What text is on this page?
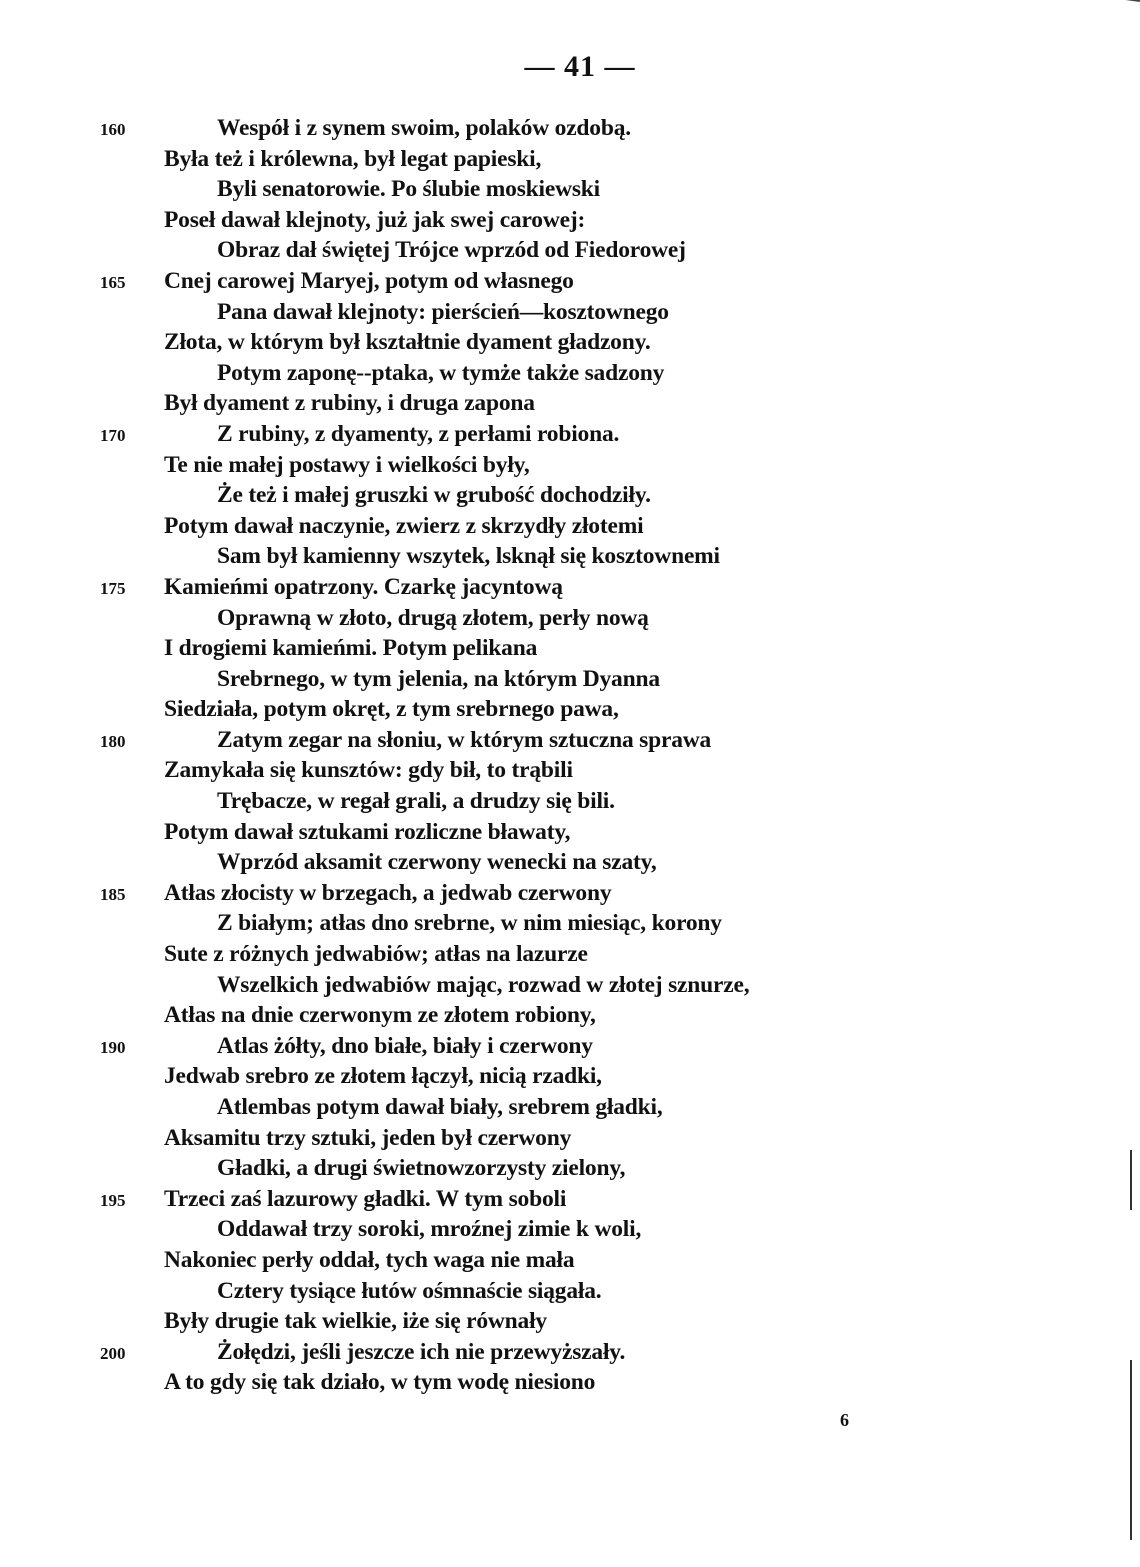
— 41 —
160	Wespół i z synem swoim, polaków ozdobą.
Była też i królewna, był legat papieski,
Byli senatorowie. Po ślubie moskiewski
Poseł dawał klejnoty, już jak swej carowej:
Obraz dał świętej Trójce wprzód od Fiedorowej
165 Cnej carowej Maryej, potym od własnego
Pana dawał klejnoty: pierścień—kosztownego
Złota, w którym był kształtnie dyament gładzony.
Potym zaponę--ptaka, w tymże także sadzony
Był dyament z rubiny, i druga zapona
170	Z rubiny, z dyamenty, z perłami robiona.
Te nie małej postawy i wielkości były,
Że też i małej gruszki w grubość dochodziły.
Potym dawał naczynie, zwierz z skrzydły złotemi
Sam był kamienny wszytek, lsknął się kosztownemi
175 Kamieńmi opatrzony. Czarkę jacyntową
Oprawną w złoto, drugą złotem, perły nową
I drogiemi kamieńmi. Potym pelikana
Srebrnego, w tym jelenia, na którym Dyanna
Siedziała, potym okręt, z tym srebrnego pawa,
180	Zatym zegar na słoniu, w którym sztuczna sprawa
Zamykała się kunsztów: gdy bił, to trąbili
Trębacze, w regał grali, a drudzy się bili.
Potym dawał sztukami rozliczne bławaty,
Wprzód aksamit czerwony wenecki na szaty,
185 Atłas złocisty w brzegach, a jedwab czerwony
Z białym; atłas dno srebrne, w nim miesiąc, korony
Sute z różnych jedwabiów; atłas na lazurze
Wszelkich jedwabiów mając, rozwad w złotej sznurze,
Atłas na dnie czerwonym ze złotem robiony,
190	Atlas żółty, dno białe, biały i czerwony
Jedwab srebro ze złotem łączył, nicią rzadki,
Atlembas potym dawał biały, srebrem gładki,
Aksamitu trzy sztuki, jeden był czerwony
Gładki, a drugi świetnowzorzysty zielony,
195 Trzeci zaś lazurowy gładki. W tym soboli
Oddawał trzy soroki, mroźnej zimie k woli,
Nakoniec perły oddał, tych waga nie mała
Cztery tysiące łutów ośmnaście siągała.
Były drugie tak wielkie, iże się równały
200	Żołędzi, jeśli jeszcze ich nie przewyższały.
A to gdy się tak działo, w tym wodę niesiono
6
